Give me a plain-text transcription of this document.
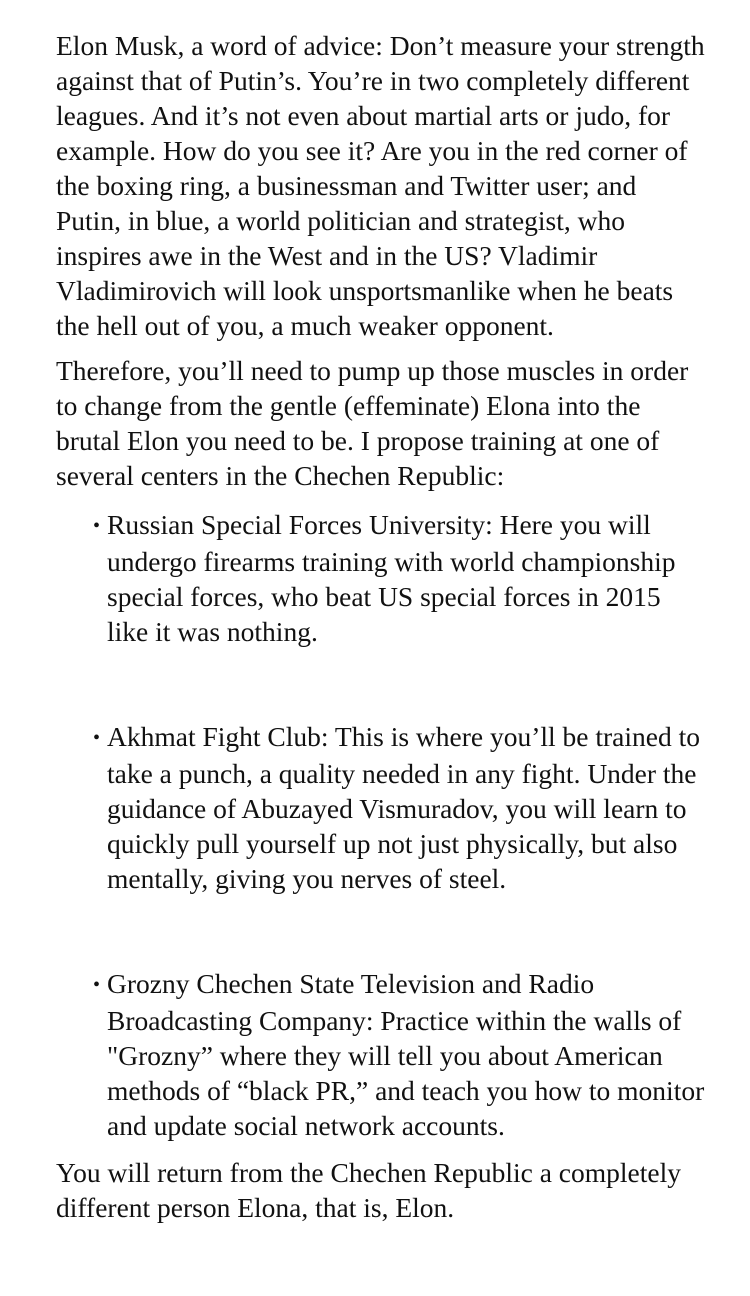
Elon Musk, a word of advice: Don’t measure your strength against that of Putin’s. You’re in two completely different leagues. And it’s not even about martial arts or judo, for example. How do you see it? Are you in the red corner of the boxing ring, a businessman and Twitter user; and Putin, in blue, a world politician and strategist, who inspires awe in the West and in the US? Vladimir Vladimirovich will look unsportsmanlike when he beats the hell out of you, a much weaker opponent.

Therefore, you’ll need to pump up those muscles in order to change from the gentle (effeminate) Elona into the brutal Elon you need to be. I propose training at one of several centers in the Chechen Republic:

• Russian Special Forces University: Here you will undergo firearms training with world championship special forces, who beat US special forces in 2015 like it was nothing.
• Akhmat Fight Club: This is where you’ll be trained to take a punch, a quality needed in any fight. Under the guidance of Abuzayed Vismuradov, you will learn to quickly pull yourself up not just physically, but also mentally, giving you nerves of steel.
• Grozny Chechen State Television and Radio Broadcasting Company: Practice within the walls of "Grozny” where they will tell you about American methods of “black PR,” and teach you how to monitor and update social network accounts.

You will return from the Chechen Republic a completely different person Elona, that is, Elon.
